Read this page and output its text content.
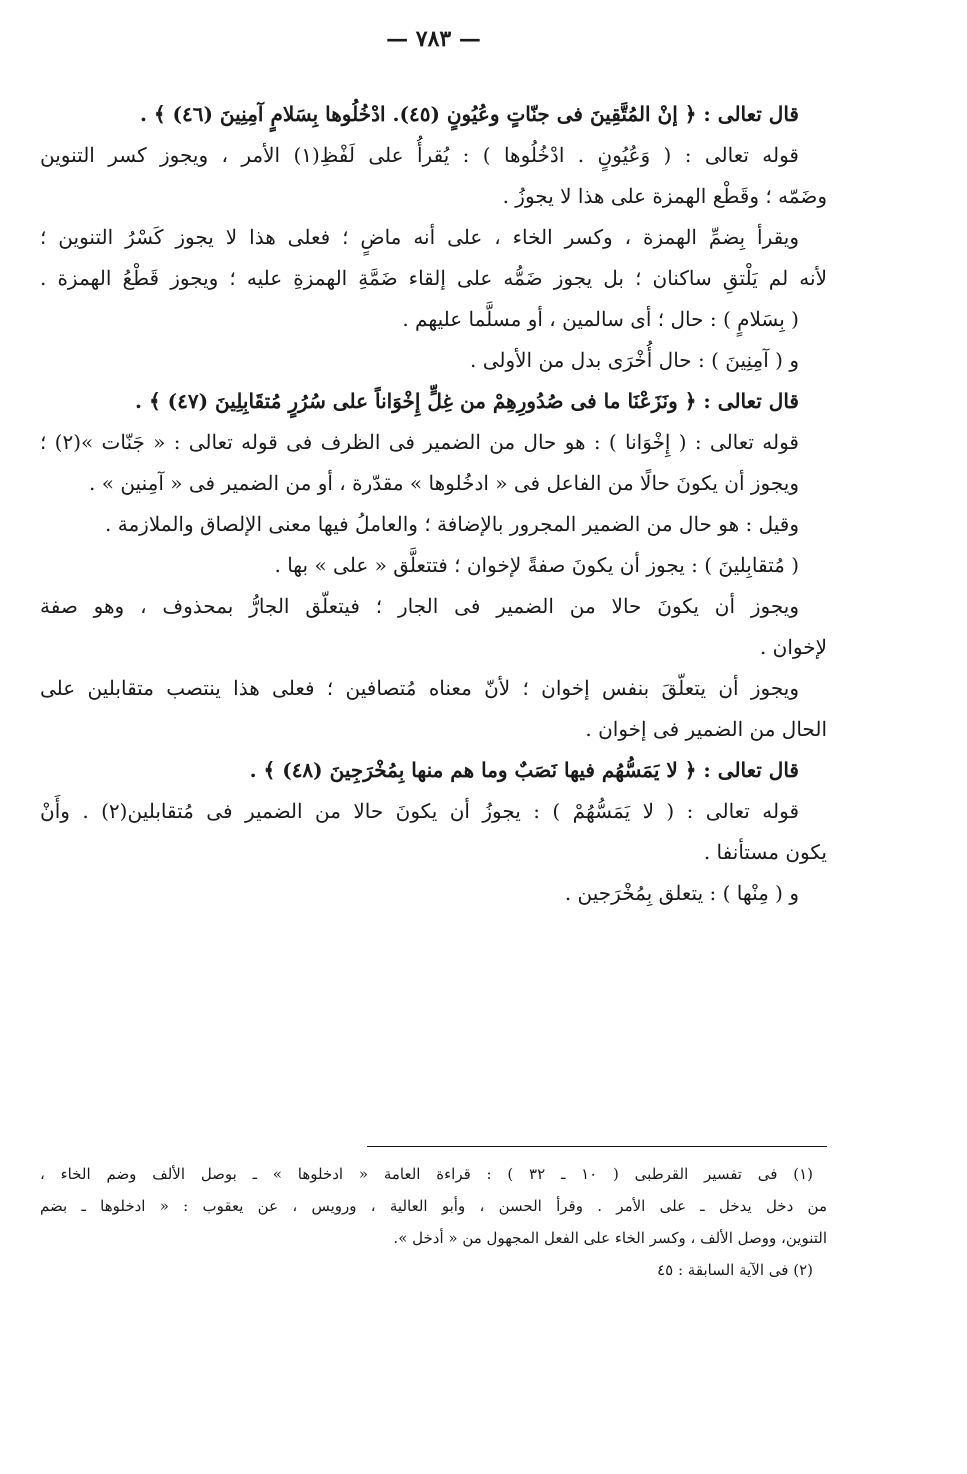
— ٧٨٣ —

قال تعالى : ﴿ إنْ المُتَّقِينَ فى جنّاتٍ وعُيُونٍ (٤٥). ادْخُلُوها بِسَلامٍ آمِنِينَ (٤٦) ﴾ .

قوله تعالى : ( وَعُيُونٍ . ادْخُلُوها ) : يُقرأُ على لَفْظِ(١) الأمر ، ويجوز كسر التنوين

وضَمّه ؛ وقَطْع الهمزة على هذا لا يجوزُ .

ويقرأ بِضمِّ الهمزة ، وكسر الخاء ، على أنه ماضٍ ؛ فعلى هذا لا يجوز كَسْرُ التنوين ؛

لأنه لم يَلْتقِ ساكنان ؛ بل يجوز ضَمُّه على إلقاء ضَمَّةِ الهمزةِ عليه ؛ ويجوز قَطْعُ الهمزة .

( بِسَلامٍ ) : حال ؛ أى سالمين ، أو مسلَّما عليهم .

و ( آمِنِينَ ) : حال أُخْرَى بدل من الأولى .

قال تعالى : ﴿ ونَزَعْنَا ما فى صُدُورِهِمْ من غِلٍّ إِخْوَاناً على سُرُرٍ مُتقَابِلِينَ (٤٧) ﴾ .

قوله تعالى : ( إِخْوَانا ) : هو حال من الضمير فى الظرف فى قوله تعالى : « جَنّات »(٢) ؛

ويجوز أن يكونَ حالًا من الفاعل فى « ادخُلوها » مقدّرة ، أو من الضمير فى « آمِنين » .

وقيل : هو حال من الضمير المجرور بالإضافة ؛ والعاملُ فيها معنى الإلصاق والملازمة .

( مُتقابِلينَ ) : يجوز أن يكونَ صفةً لإخوان ؛ فتتعلَّق « على » بها .

ويجوز أن يكونَ حالا من الضمير فى الجار ؛ فيتعلّق الجارُّ بمحذوف ، وهو صفة

لإخوان .

ويجوز أن يتعلّقَ بنفس إخوان ؛ لأنّ معناه مُتصافين ؛ فعلى هذا ينتصب متقابلين على

الحال من الضمير فى إخوان .

قال تعالى : ﴿ لا يَمَسُّهُم فيها نَصَبٌ وما هم منها بِمُخْرَجِينَ (٤٨) ﴾ .

قوله تعالى : ( لا يَمَسُّهُمْ ) : يجوزُ أن يكونَ حالا من الضمير فى مُتقابلين(٢) . وأَنْ

يكون مستأنفا .

و ( مِنْها ) : يتعلق بِمُخْرَجين .

(١) فى تفسير القرطبى ( ١٠ ـ ٣٢ ) : قراءة العامة « ادخلوها » ـ بوصل الألف وضم الخاء ،

من دخل يدخل ـ على الأمر . وقرأ الحسن ، وأبو العالية ، ورويس ، عن يعقوب : « ادخلوها ـ بضم

التنوين، ووصل الألف ، وكسر الخاء على الفعل المجهول من « أدخل ».

(٢) فى الآية السابقة : ٤٥
